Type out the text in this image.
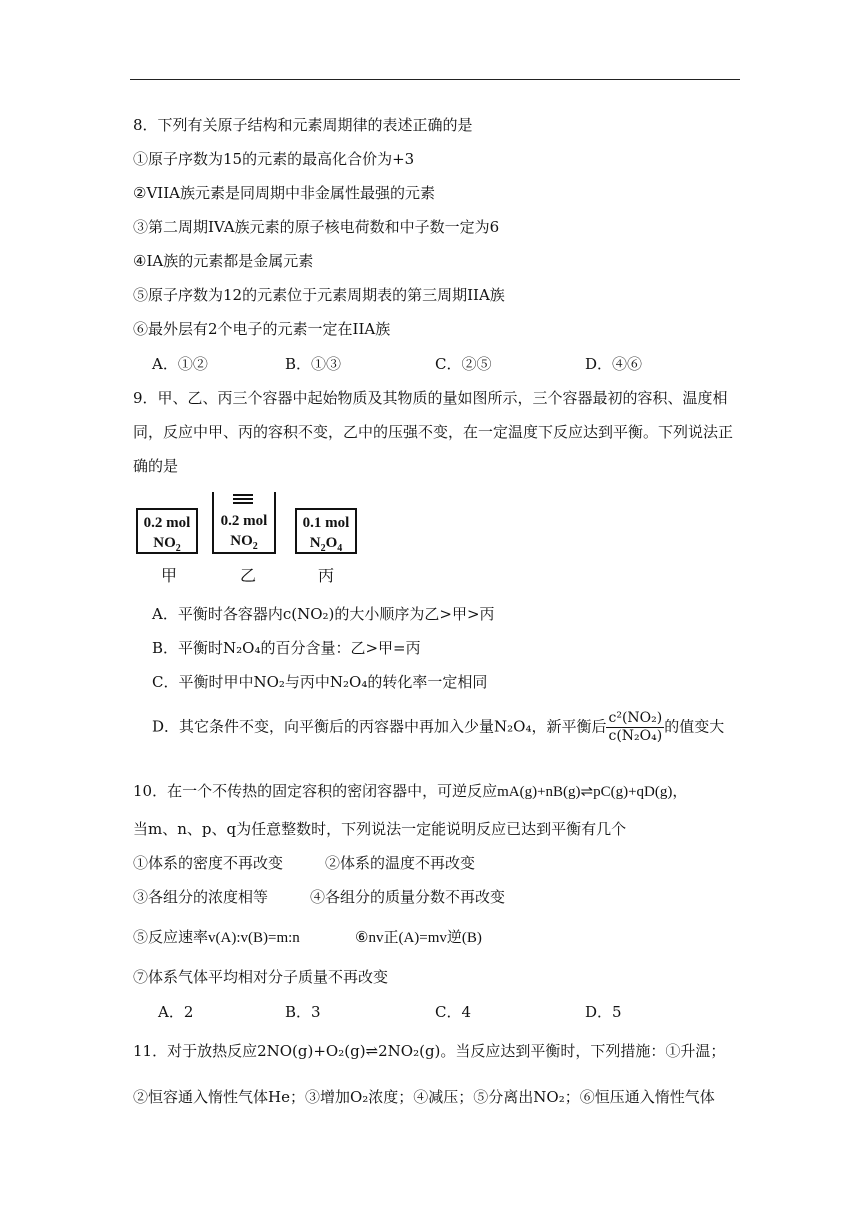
8．下列有关原子结构和元素周期律的表述正确的是
①原子序数为15的元素的最高化合价为+3
②VIIA族元素是同周期中非金属性最强的元素
③第二周期IVA族元素的原子核电荷数和中子数一定为6
④IA族的元素都是金属元素
⑤原子序数为12的元素位于元素周期表的第三周期IIA族
⑥最外层有2个电子的元素一定在IIA族
A．①②	B．①③	C．②⑤	D．④⑥
9．甲、乙、丙三个容器中起始物质及其物质的量如图所示，三个容器最初的容积、温度相
同，反应中甲、丙的容积不变，乙中的压强不变，在一定温度下反应达到平衡。下列说法正
确的是
0.2 mol
$NO_2$
0.2 mol
$NO_2$
0.1 mol
$N_2O_4$
甲	乙	丙
A．平衡时各容器内c(NO₂)的大小顺序为乙>甲>丙
B．平衡时N₂O₄的百分含量：乙>甲=丙
C．平衡时甲中NO₂与丙中N₂O₄的转化率一定相同
D．其它条件不变，向平衡后的丙容器中再加入少量N₂O₄，新平衡后 $\frac{\text{c²(NO₂)}}{\text{c(N₂O₄)}}$ 的值变大
10．在一个不传热的固定容积的密闭容器中，可逆反应mA(g)+nB(g)⇌pC(g)+qD(g)，
当m、n、p、q为任意整数时，下列说法一定能说明反应已达到平衡有几个
①体系的密度不再改变	②体系的温度不再改变
③各组分的浓度相等	④各组分的质量分数不再改变
⑤反应速率v(A):v(B)=m:n	⑥nv正(A)=mv逆(B)
⑦体系气体平均相对分子质量不再改变
A．2	B．3	C．4	D．5
11．对于放热反应2NO(g)+O₂(g)⇌2NO₂(g)。当反应达到平衡时，下列措施：①升温；
②恒容通入惰性气体He；③增加O₂浓度；④减压；⑤分离出NO₂；⑥恒压通入惰性气体
